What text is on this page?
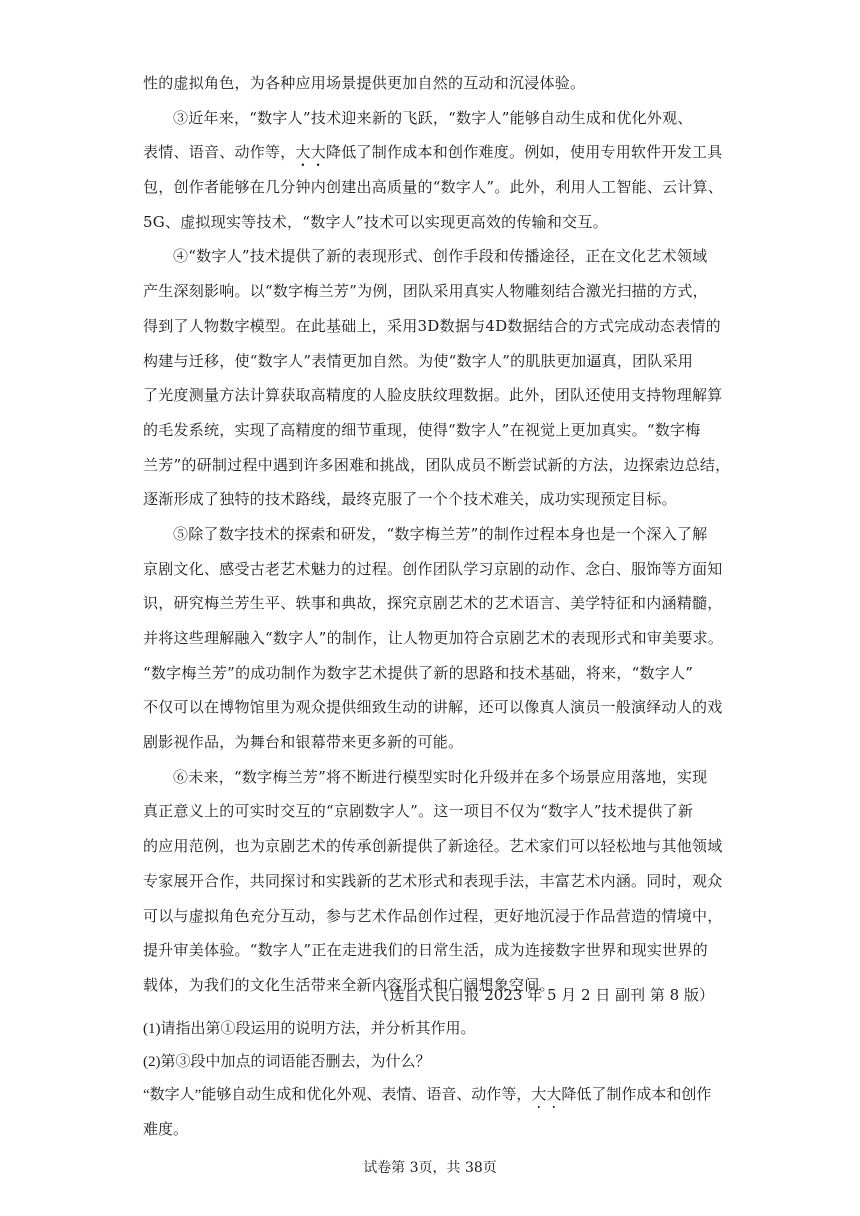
性的虚拟角色，为各种应用场景提供更加自然的互动和沉浸体验。
③近年来，“数字人”技术迎来新的飞跃，“数字人”能够自动生成和优化外观、
表情、语音、动作等，大大降低了制作成本和创作难度。例如，使用专用软件开发工具
包，创作者能够在几分钟内创建出高质量的“数字人”。此外，利用人工智能、云计算、
5G、虚拟现实等技术，“数字人”技术可以实现更高效的传输和交互。
④“数字人”技术提供了新的表现形式、创作手段和传播途径，正在文化艺术领域
产生深刻影响。以“数字梅兰芳”为例，团队采用真实人物雕刻结合激光扫描的方式，
得到了人物数字模型。在此基础上，采用3D数据与4D数据结合的方式完成动态表情的
构建与迁移，使“数字人”表情更加自然。为使“数字人”的肌肤更加逼真，团队采用
了光度测量方法计算获取高精度的人脸皮肤纹理数据。此外，团队还使用支持物理解算
的毛发系统，实现了高精度的细节重现，使得“数字人”在视觉上更加真实。“数字梅
兰芳”的研制过程中遇到许多困难和挑战，团队成员不断尝试新的方法，边探索边总结，
逐渐形成了独特的技术路线，最终克服了一个个技术难关，成功实现预定目标。
⑤除了数字技术的探索和研发，“数字梅兰芳”的制作过程本身也是一个深入了解
京剧文化、感受古老艺术魅力的过程。创作团队学习京剧的动作、念白、服饰等方面知
识，研究梅兰芳生平、轶事和典故，探究京剧艺术的艺术语言、美学特征和内涵精髓，
并将这些理解融入“数字人”的制作，让人物更加符合京剧艺术的表现形式和审美要求。
“数字梅兰芳”的成功制作为数字艺术提供了新的思路和技术基础，将来，“数字人”
不仅可以在博物馆里为观众提供细致生动的讲解，还可以像真人演员一般演绎动人的戏
剧影视作品，为舞台和银幕带来更多新的可能。
⑥未来，“数字梅兰芳”将不断进行模型实时化升级并在多个场景应用落地，实现
真正意义上的可实时交互的“京剧数字人”。这一项目不仅为“数字人”技术提供了新
的应用范例，也为京剧艺术的传承创新提供了新途径。艺术家们可以轻松地与其他领域
专家展开合作，共同探讨和实践新的艺术形式和表现手法，丰富艺术内涵。同时，观众
可以与虚拟角色充分互动，参与艺术作品创作过程，更好地沉浸于作品营造的情境中，
提升审美体验。“数字人”正在走进我们的日常生活，成为连接数字世界和现实世界的
载体，为我们的文化生活带来全新内容形式和广阔想象空间。
（选自人民日报 2023 年 5 月 2 日 副刊 第 8 版）
(1)请指出第①段运用的说明方法，并分析其作用。
(2)第③段中加点的词语能否删去，为什么？
“数字人”能够自动生成和优化外观、表情、语音、动作等，大大降低了制作成本和创作
难度。
试卷第 3页，共 38页
